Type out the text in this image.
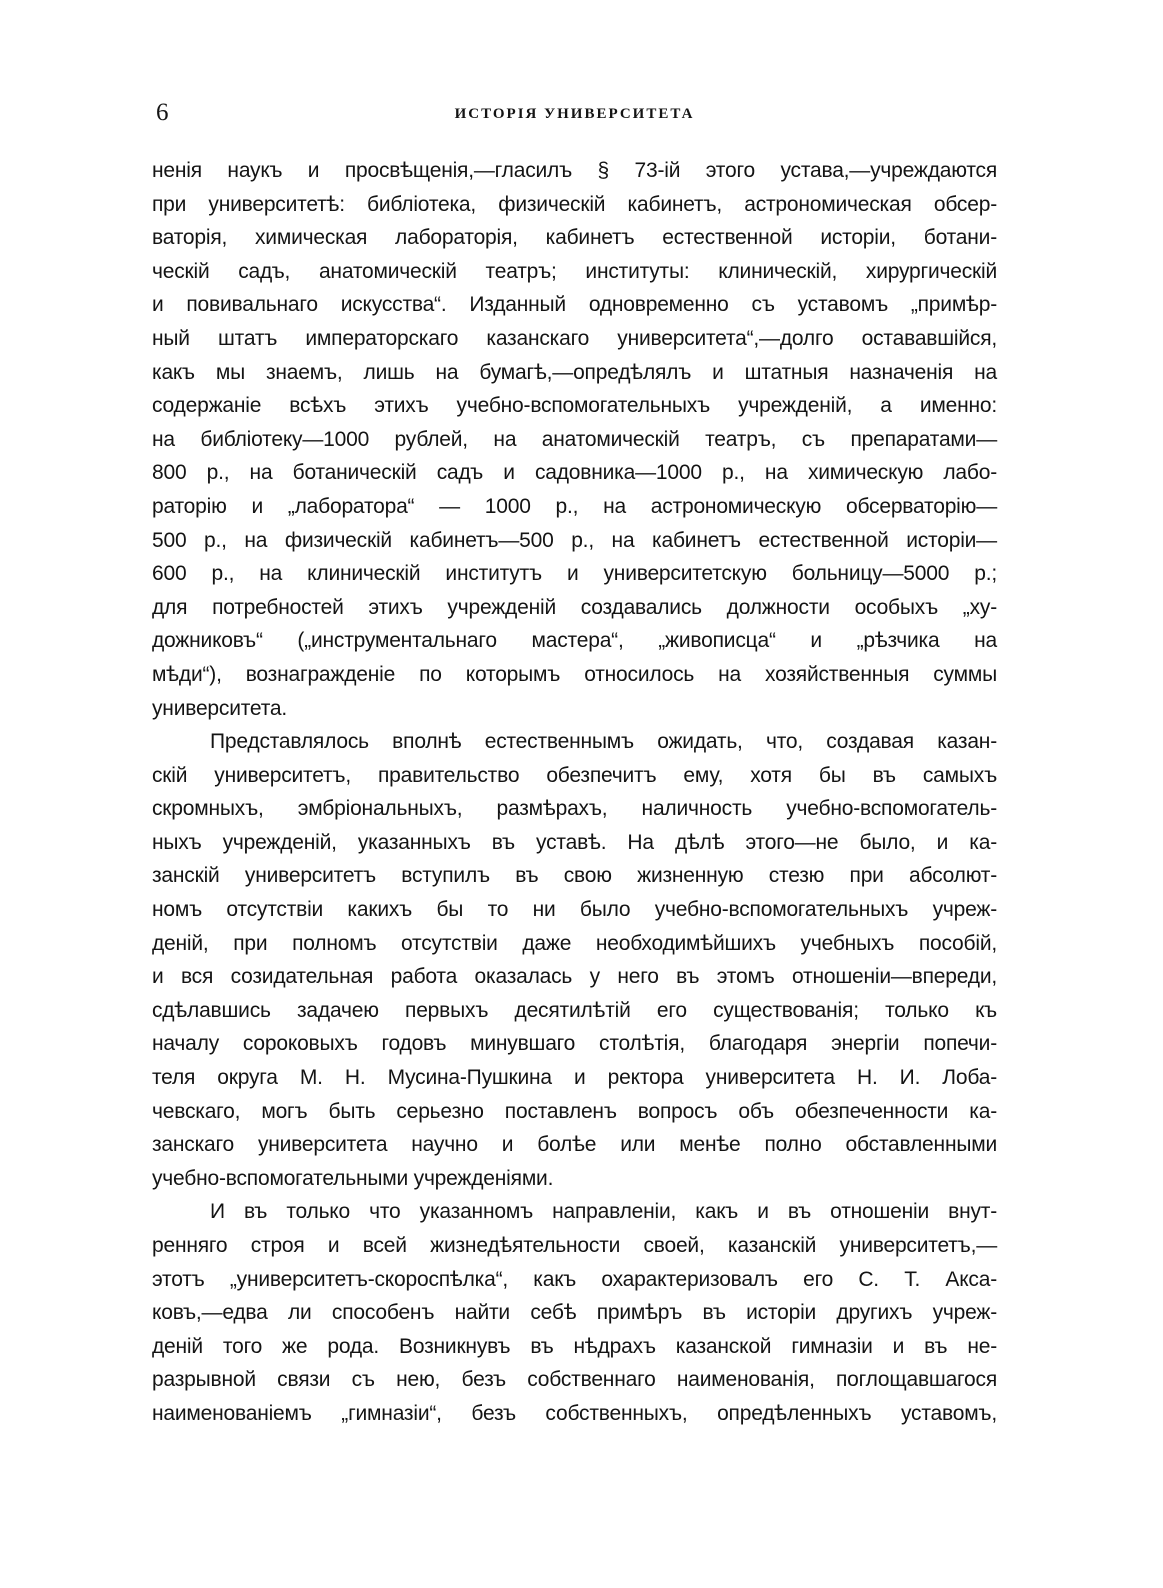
6	ИСТОРІЯ УНИВЕРСИТЕТА
ненія наукъ и просвѣщенія,—гласилъ § 73-ій этого устава,—учреждаются
при университетѣ: библіотека, физическій кабинетъ, астрономическая обсер-
ваторія, химическая лабораторія, кабинетъ естественной исторіи, ботани-
ческій садъ, анатомическій театръ; институты: клиническій, хирургическій
и повивальнаго искусства“. Изданный одновременно съ уставомъ „примѣр-
ный штатъ императорскаго казанскаго университета“,—долго остававшійся,
какъ мы знаемъ, лишь на бумагѣ,—опредѣлялъ и штатныя назначенія на
содержаніе всѣхъ этихъ учебно-вспомогательныхъ учрежденій, а именно:
на библіотеку—1000 рублей, на анатомическій театръ, съ препаратами—
800 р., на ботаническій садъ и садовника—1000 р., на химическую лабо-
раторію и „лаборатора“ — 1000 р., на астрономическую обсерваторію—
500 р., на физическій кабинетъ—500 р., на кабинетъ естественной исторіи—
600 р., на клиническій институтъ и университетскую больницу—5000 р.;
для потребностей этихъ учрежденій создавались должности особыхъ „ху-
дожниковъ“ („инструментальнаго мастера“, „живописца“ и „рѣзчика на
мѣди“), вознагражденіе по которымъ относилось на хозяйственныя суммы
университета.
Представлялось вполнѣ естественнымъ ожидать, что, создавая казан-
скій университетъ, правительство обезпечитъ ему, хотя бы въ самыхъ
скромныхъ, эмбріональныхъ, размѣрахъ, наличность учебно-вспомогатель-
ныхъ учрежденій, указанныхъ въ уставѣ. На дѣлѣ этого—не было, и ка-
занскій университетъ вступилъ въ свою жизненную стезю при абсолют-
номъ отсутствіи какихъ бы то ни было учебно-вспомогательныхъ учреж-
деній, при полномъ отсутствіи даже необходимѣйшихъ учебныхъ пособій,
и вся созидательная работа оказалась у него въ этомъ отношеніи—впереди,
сдѣлавшись задачею первыхъ десятилѣтій его существованія; только къ
началу сороковыхъ годовъ минувшаго столѣтія, благодаря энергіи попечи-
теля округа М. Н. Мусина-Пушкина и ректора университета Н. И. Лоба-
чевскаго, могъ быть серьезно поставленъ вопросъ объ обезпеченности ка-
занскаго университета научно и болѣе или менѣе полно обставленными
учебно-вспомогательными учрежденіями.
И въ только что указанномъ направленіи, какъ и въ отношеніи внут-
ренняго строя и всей жизнедѣятельности своей, казанскій университетъ,—
этотъ „университетъ-скороспѣлка“, какъ охарактеризовалъ его С. Т. Акса-
ковъ,—едва ли способенъ найти себѣ примѣръ въ исторіи другихъ учреж-
деній того же рода. Возникнувъ въ нѣдрахъ казанской гимназіи и въ не-
разрывной связи съ нею, безъ собственнаго наименованія, поглощавшагося
наименованіемъ „гимназіи“, безъ собственныхъ, опредѣленныхъ уставомъ,
